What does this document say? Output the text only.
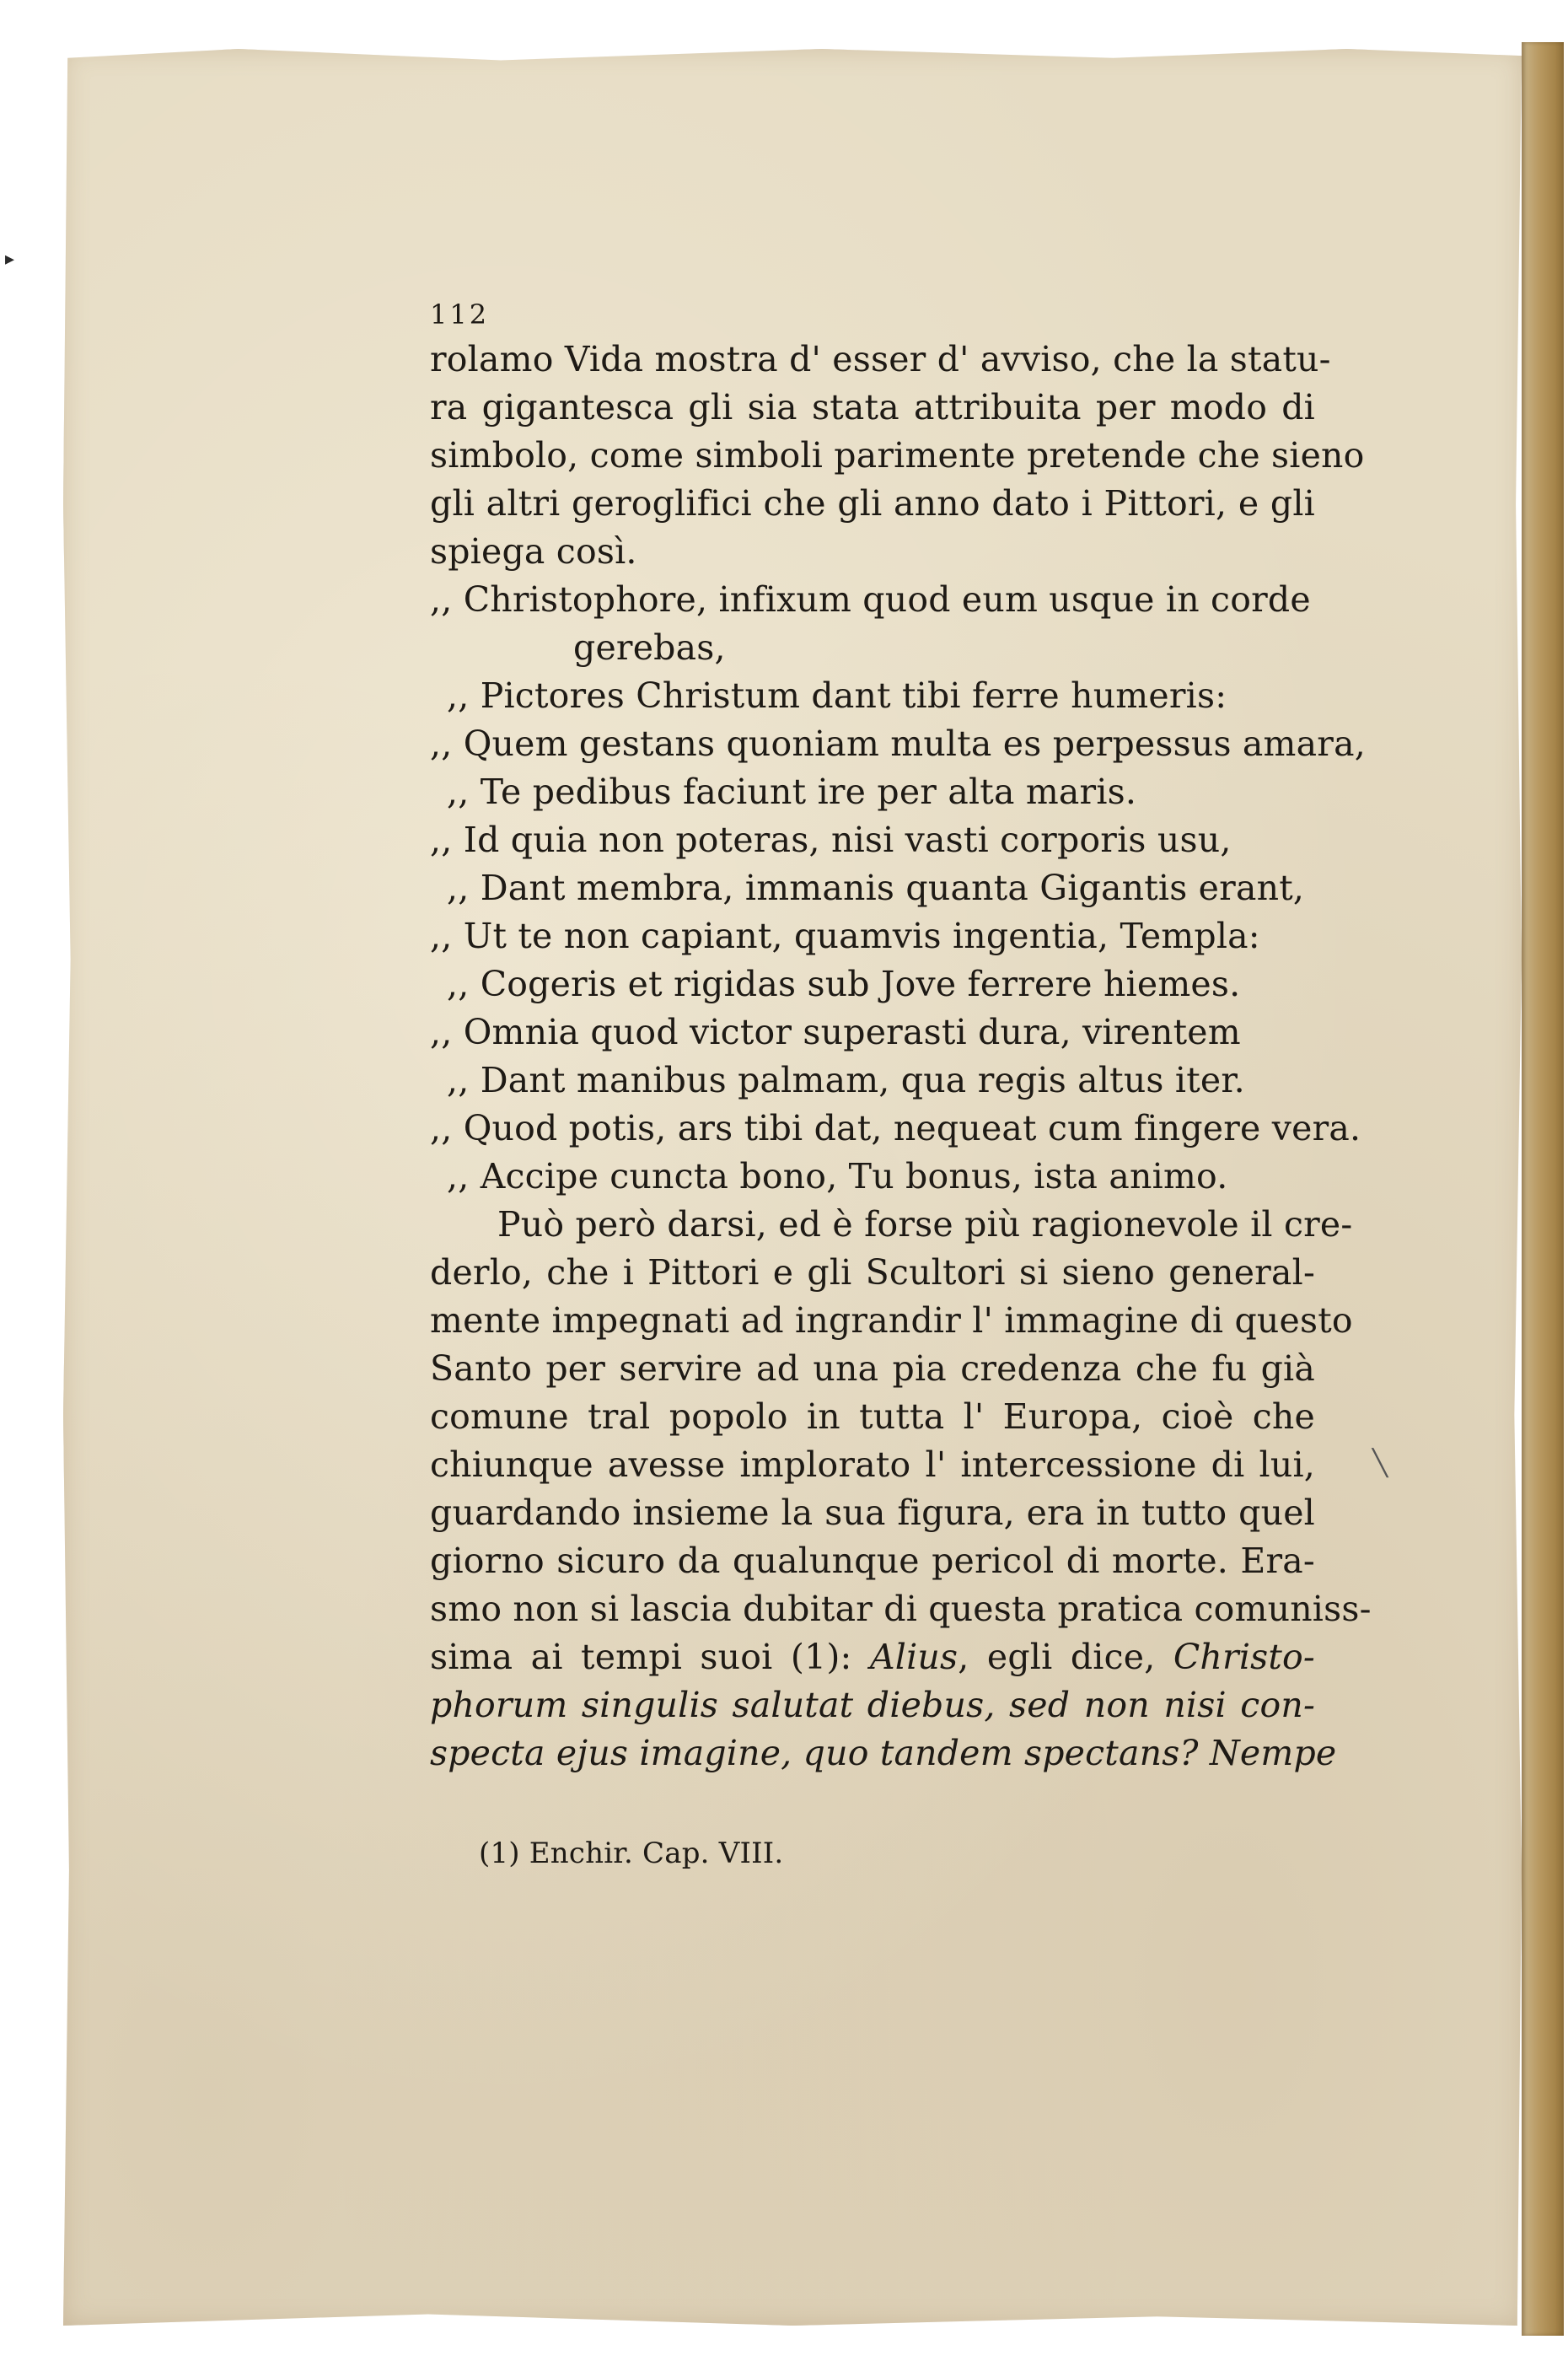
▸
╲
112
rolamo Vida mostra d' esser d' avviso, che la statu-
ra gigantesca gli sia stata attribuita per modo di
simbolo, come simboli parimente pretende che sieno
gli altri geroglifici che gli anno dato i Pittori, e gli
spiega così.
,, Christophore, infixum quod eum usque in corde
gerebas,
,, Pictores Christum dant tibi ferre humeris:
,, Quem gestans quoniam multa es perpessus amara,
,, Te pedibus faciunt ire per alta maris.
,, Id quia non poteras, nisi vasti corporis usu,
,, Dant membra, immanis quanta Gigantis erant,
,, Ut te non capiant, quamvis ingentia, Templa:
,, Cogeris et rigidas sub Jove ferrere hiemes.
,, Omnia quod victor superasti dura, virentem
,, Dant manibus palmam, qua regis altus iter.
,, Quod potis, ars tibi dat, nequeat cum fingere vera.
,, Accipe cuncta bono, Tu bonus, ista animo.
Può però darsi, ed è forse più ragionevole il cre-
derlo, che i Pittori e gli Scultori si sieno general-
mente impegnati ad ingrandir l' immagine di questo
Santo per servire ad una pia credenza che fu già
comune tral popolo in tutta l' Europa, cioè che
chiunque avesse implorato l' intercessione di lui,
guardando insieme la sua figura, era in tutto quel
giorno sicuro da qualunque pericol di morte. Era-
smo non si lascia dubitar di questa pratica comuniss-
sima ai tempi suoi (1): Alius, egli dice, Christo-
phorum singulis salutat diebus, sed non nisi con-
specta ejus imagine, quo tandem spectans? Nempe
(1) Enchir. Cap. VIII.
